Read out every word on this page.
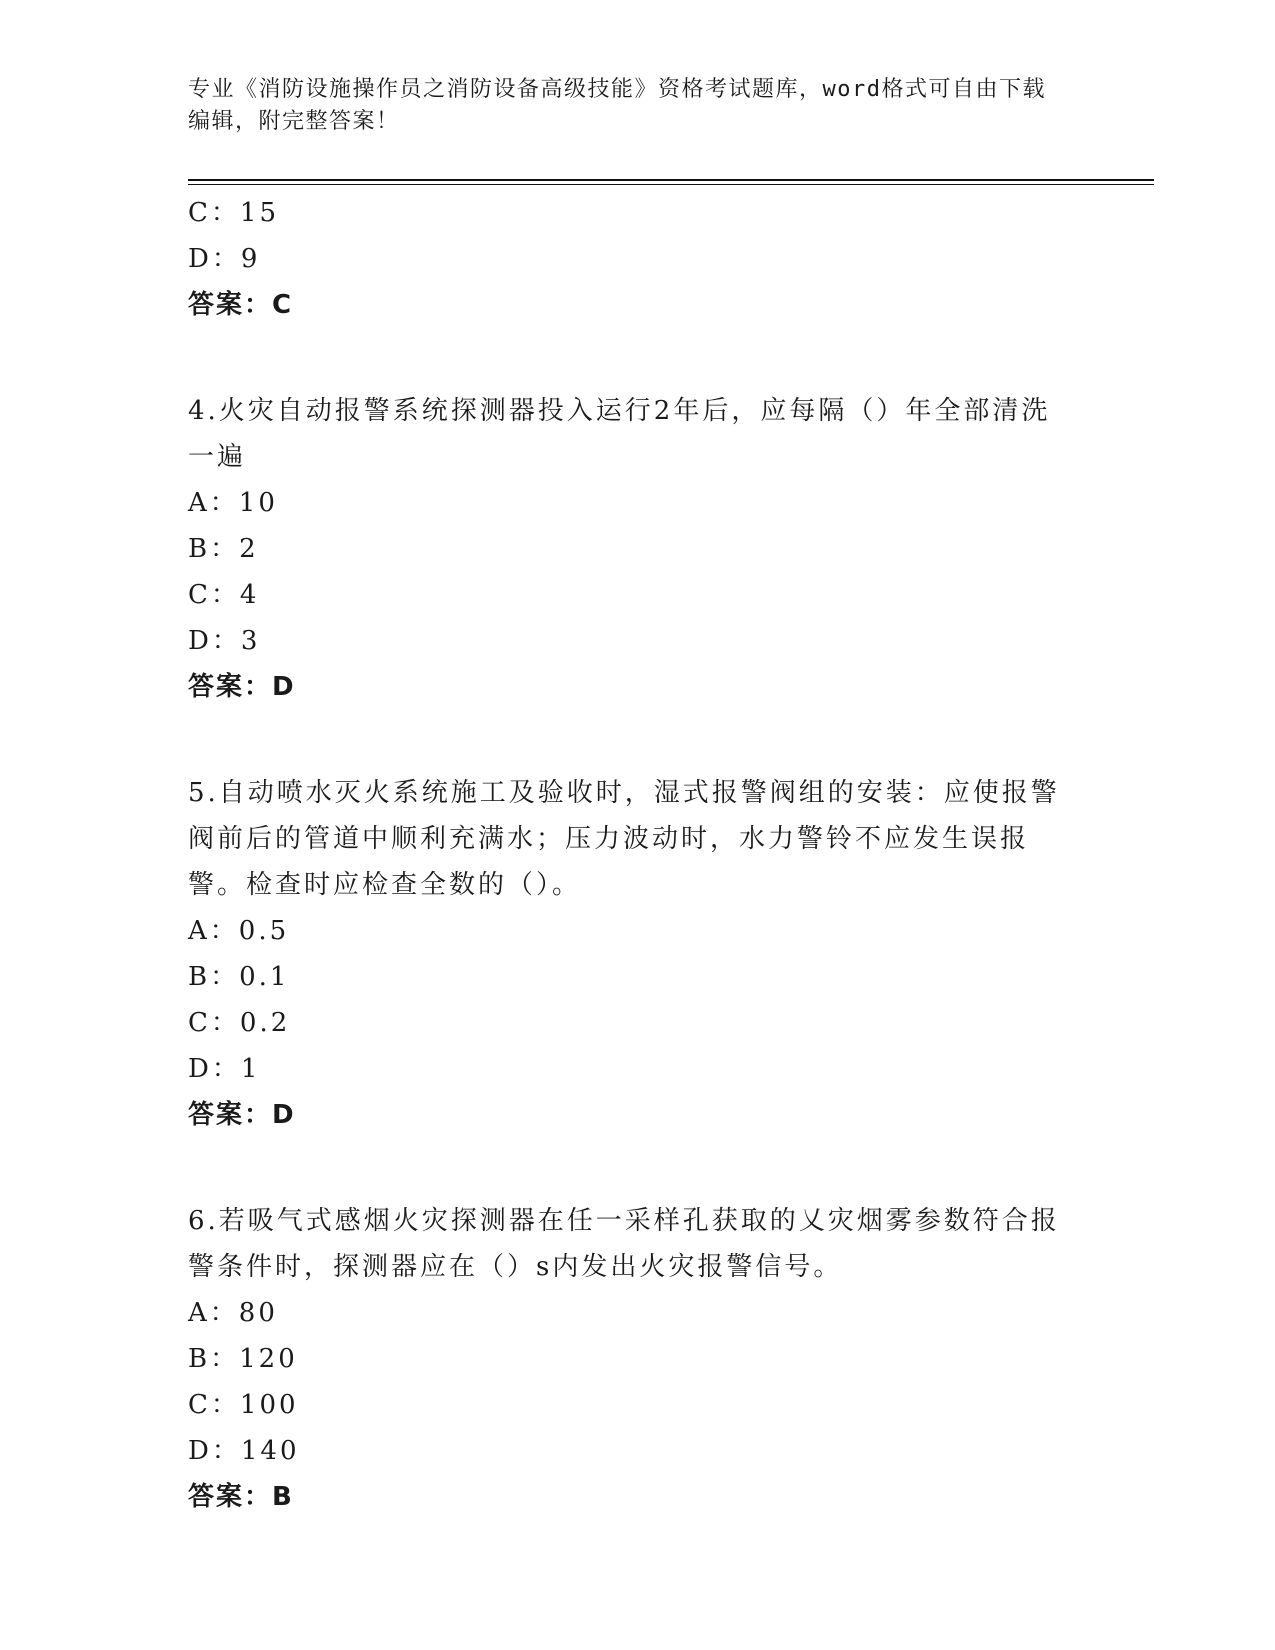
专业《消防设施操作员之消防设备高级技能》资格考试题库，word格式可自由下载编辑，附完整答案！
C：15
D：9
答案：C
4.火灾自动报警系统探测器投入运行2年后，应每隔（）年全部清洗一遍
A：10
B：2
C：4
D：3
答案：D
5.自动喷水灭火系统施工及验收时，湿式报警阀组的安装：应使报警阀前后的管道中顺利充满水；压力波动时，水力警铃不应发生误报警。检查时应检查全数的（）。
A：0.5
B：0.1
C：0.2
D：1
答案：D
6.若吸气式感烟火灾探测器在任一采样孔获取的乂灾烟雾参数符合报警条件时，探测器应在（）s内发出火灾报警信号。
A：80
B：120
C：100
D：140
答案：B
